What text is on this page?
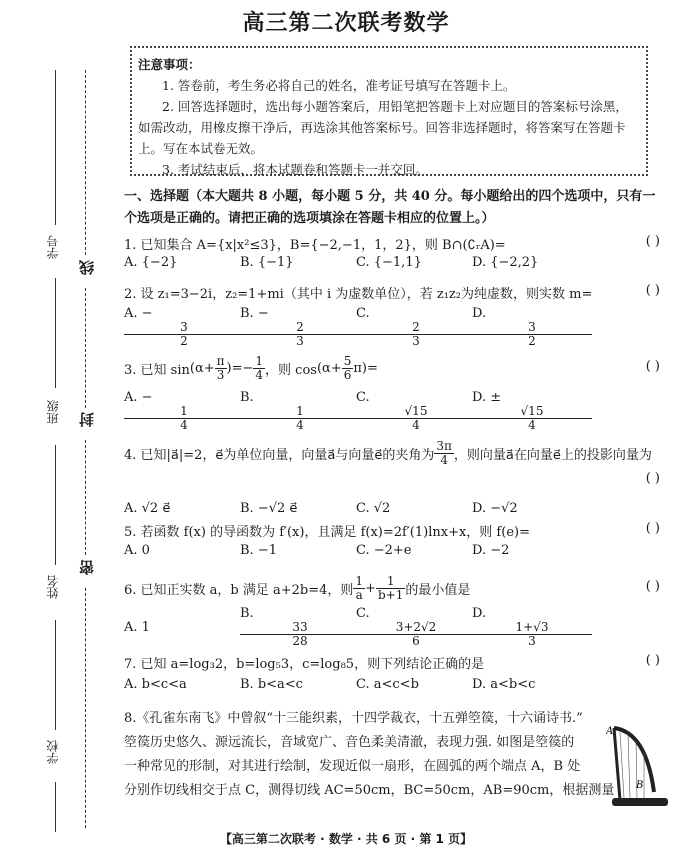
学号
班级
姓名
学校
线
封
密
高三第二次联考数学

注意事项：

1. 答卷前，考生务必将自己的姓名，准考证号填写在答题卡上。

2. 回答选择题时，选出每小题答案后，用铅笔把答题卡上对应题目的答案标号涂黑，如需改动，用橡皮擦干净后，再选涂其他答案标号。回答非选择题时，将答案写在答题卡上。写在本试卷无效。

3. 考试结束后，将本试题卷和答题卡一并交回。

一、选择题（本大题共 8 小题，每小题 5 分，共 40 分。每小题给出的四个选项中，只有一个选项是正确的。请把正确的选项填涂在答题卡相应的位置上。）

1. 已知集合 A={x|x²≤3}，B={−2,−1，1，2}，则 B∩(∁ᵣA)=	( )
A. {−2}	B. {−1}	C. {−1,1}	D. {−2,2}
2. 设 z₁=3−2i，z₂=1+mi（其中 i 为虚数单位），若 z₁z₂为纯虚数，则实数 m=	( )
A. −
$\frac{3}{2}$
B. −
$\frac{2}{3}$
C.
$\frac{2}{3}$
D.
$\frac{3}{2}$
3. 已知 sin ( $\alpha+ \frac{\pi}{3}$ ) =− $\frac{1}{4}$ ，则 cos ( $\alpha+ \frac{5}{6}$ π ) =	( )
A. −
$\frac{1}{4}$
B.
$\frac{1}{4}$
C.
$\frac{√15}{4}$
D. ±
$\frac{√15}{4}$
4. 已知|a⃗|=2，e⃗为单位向量，向量a⃗与向量e⃗的夹角为 $\frac{3\pi}{4}$ ，则向量a⃗在向量e⃗上的投影向量为
( )
A. √2 e⃗	B. −√2 e⃗	C. √2	D. −√2
5. 若函数 f(x) 的导函数为 f′(x)，且满足 f(x)=2f′(1)lnx+x，则 f(e)=	( )
A. 0	B. −1	C. −2+e	D. −2
6. 已知正实数 a，b 满足 a+2b=4，则 $\frac{1}{a} + \frac{1}{b+1}$ 的最小值是	( )
A. 1
B.
$\frac{33}{28}$
C.
$\frac{3+2√2}{6}$
D.
$\frac{1+√3}{3}$
7. 已知 a=log₃2，b=log₅3，c=log₈5，则下列结论正确的是	( )
A. b<c<a	B. b<a<c	C. a<c<b	D. a<b<c
8.《孔雀东南飞》中曾叙“十三能织素，十四学裁衣，十五弹箜篌，十六诵诗书.”
箜篌历史悠久、源远流长，音域宽广、音色柔美清澈，表现力强. 如图是箜篌的
一种常见的形制，对其进行绘制，发现近似一扇形，在圆弧的两个端点 A，B 处
分别作切线相交于点 C，测得切线 AC=50cm，BC=50cm，AB=90cm，根据测量
A
B
【高三第二次联考 · 数学 · 共 6 页 · 第 1 页】
